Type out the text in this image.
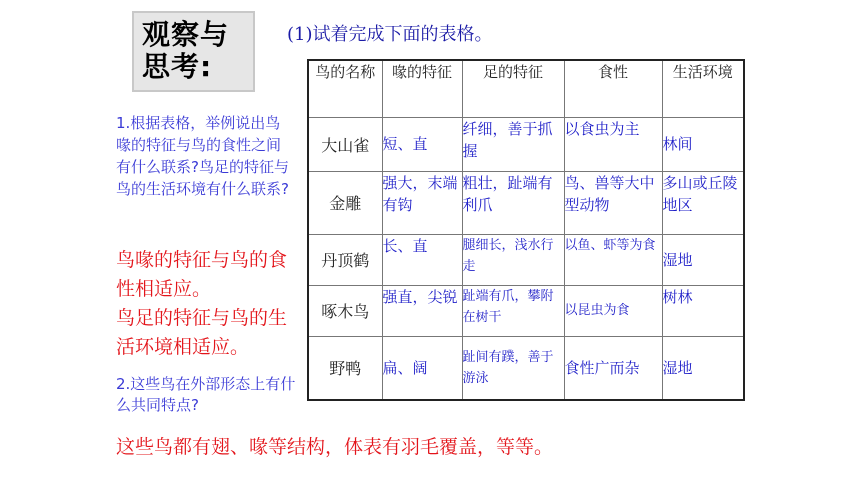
观察与
思考:
(1)试着完成下面的表格。
1.根据表格，举例说出鸟喙的特征与鸟的食性之间有什么联系?鸟足的特征与鸟的生活环境有什么联系?
鸟喙的特征与鸟的食性相适应。
鸟足的特征与鸟的生活环境相适应。
2.这些鸟在外部形态上有什么共同特点?
鸟的名称	喙的特征	足的特征	食性	生活环境
大山雀	短、直	纤细，善于抓握	以食虫为主	林间
金雕	强大，末端有钩	粗壮，趾端有利爪	鸟、兽等大中型动物	多山或丘陵地区
丹顶鹤	长、直	腿细长，浅水行走	以鱼、虾等为食	湿地
啄木鸟	强直，尖锐	趾端有爪，攀附在树干	以昆虫为食	树林
野鸭	扁、阔	趾间有蹼，善于游泳	食性广而杂	湿地
这些鸟都有翅、喙等结构，体表有羽毛覆盖，等等。
